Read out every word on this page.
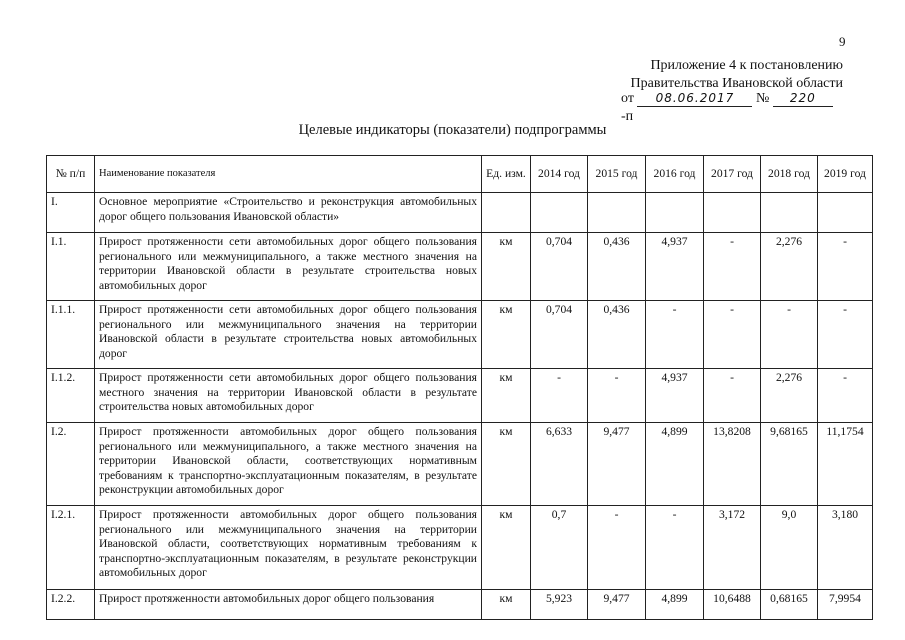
9
Приложение 4 к постановлению
Правительства Ивановской области
от 08.06.2017 № 220-п
Целевые индикаторы (показатели) подпрограммы
№ п/п	Наименование показателя	Ед. изм.	2014 год	2015 год	2016 год	2017 год	2018 год	2019 год
I.	Основное мероприятие «Строительство и реконструкция автомобильных дорог общего пользования Ивановской области»							
I.1.	Прирост протяженности сети автомобильных дорог общего пользования регионального или межмуниципального, а также местного значения на территории Ивановской области в результате строительства новых автомобильных дорог	км	0,704	0,436	4,937	-	2,276	-
I.1.1.	Прирост протяженности сети автомобильных дорог общего пользования регионального или межмуниципального значения на территории Ивановской области в результате строительства новых автомобильных дорог	км	0,704	0,436	-	-	-	-
I.1.2.	Прирост протяженности сети автомобильных дорог общего пользования местного значения на территории Ивановской области в результате строительства новых автомобильных дорог	км	-	-	4,937	-	2,276	-
I.2.	Прирост протяженности автомобильных дорог общего пользования регионального или межмуниципального, а также местного значения на территории Ивановской области, соответствующих нормативным требованиям к транспортно-эксплуатационным показателям, в результате реконструкции автомобильных дорог	км	6,633	9,477	4,899	13,8208	9,68165	11,1754
I.2.1.	Прирост протяженности автомобильных дорог общего пользования регионального или межмуниципального значения на территории Ивановской области, соответствующих нормативным требованиям к транспортно-эксплуатационным показателям, в результате реконструкции автомобильных дорог	км	0,7	-	-	3,172	9,0	3,180
I.2.2.	Прирост протяженности автомобильных дорог общего пользования	км	5,923	9,477	4,899	10,6488	0,68165	7,9954
